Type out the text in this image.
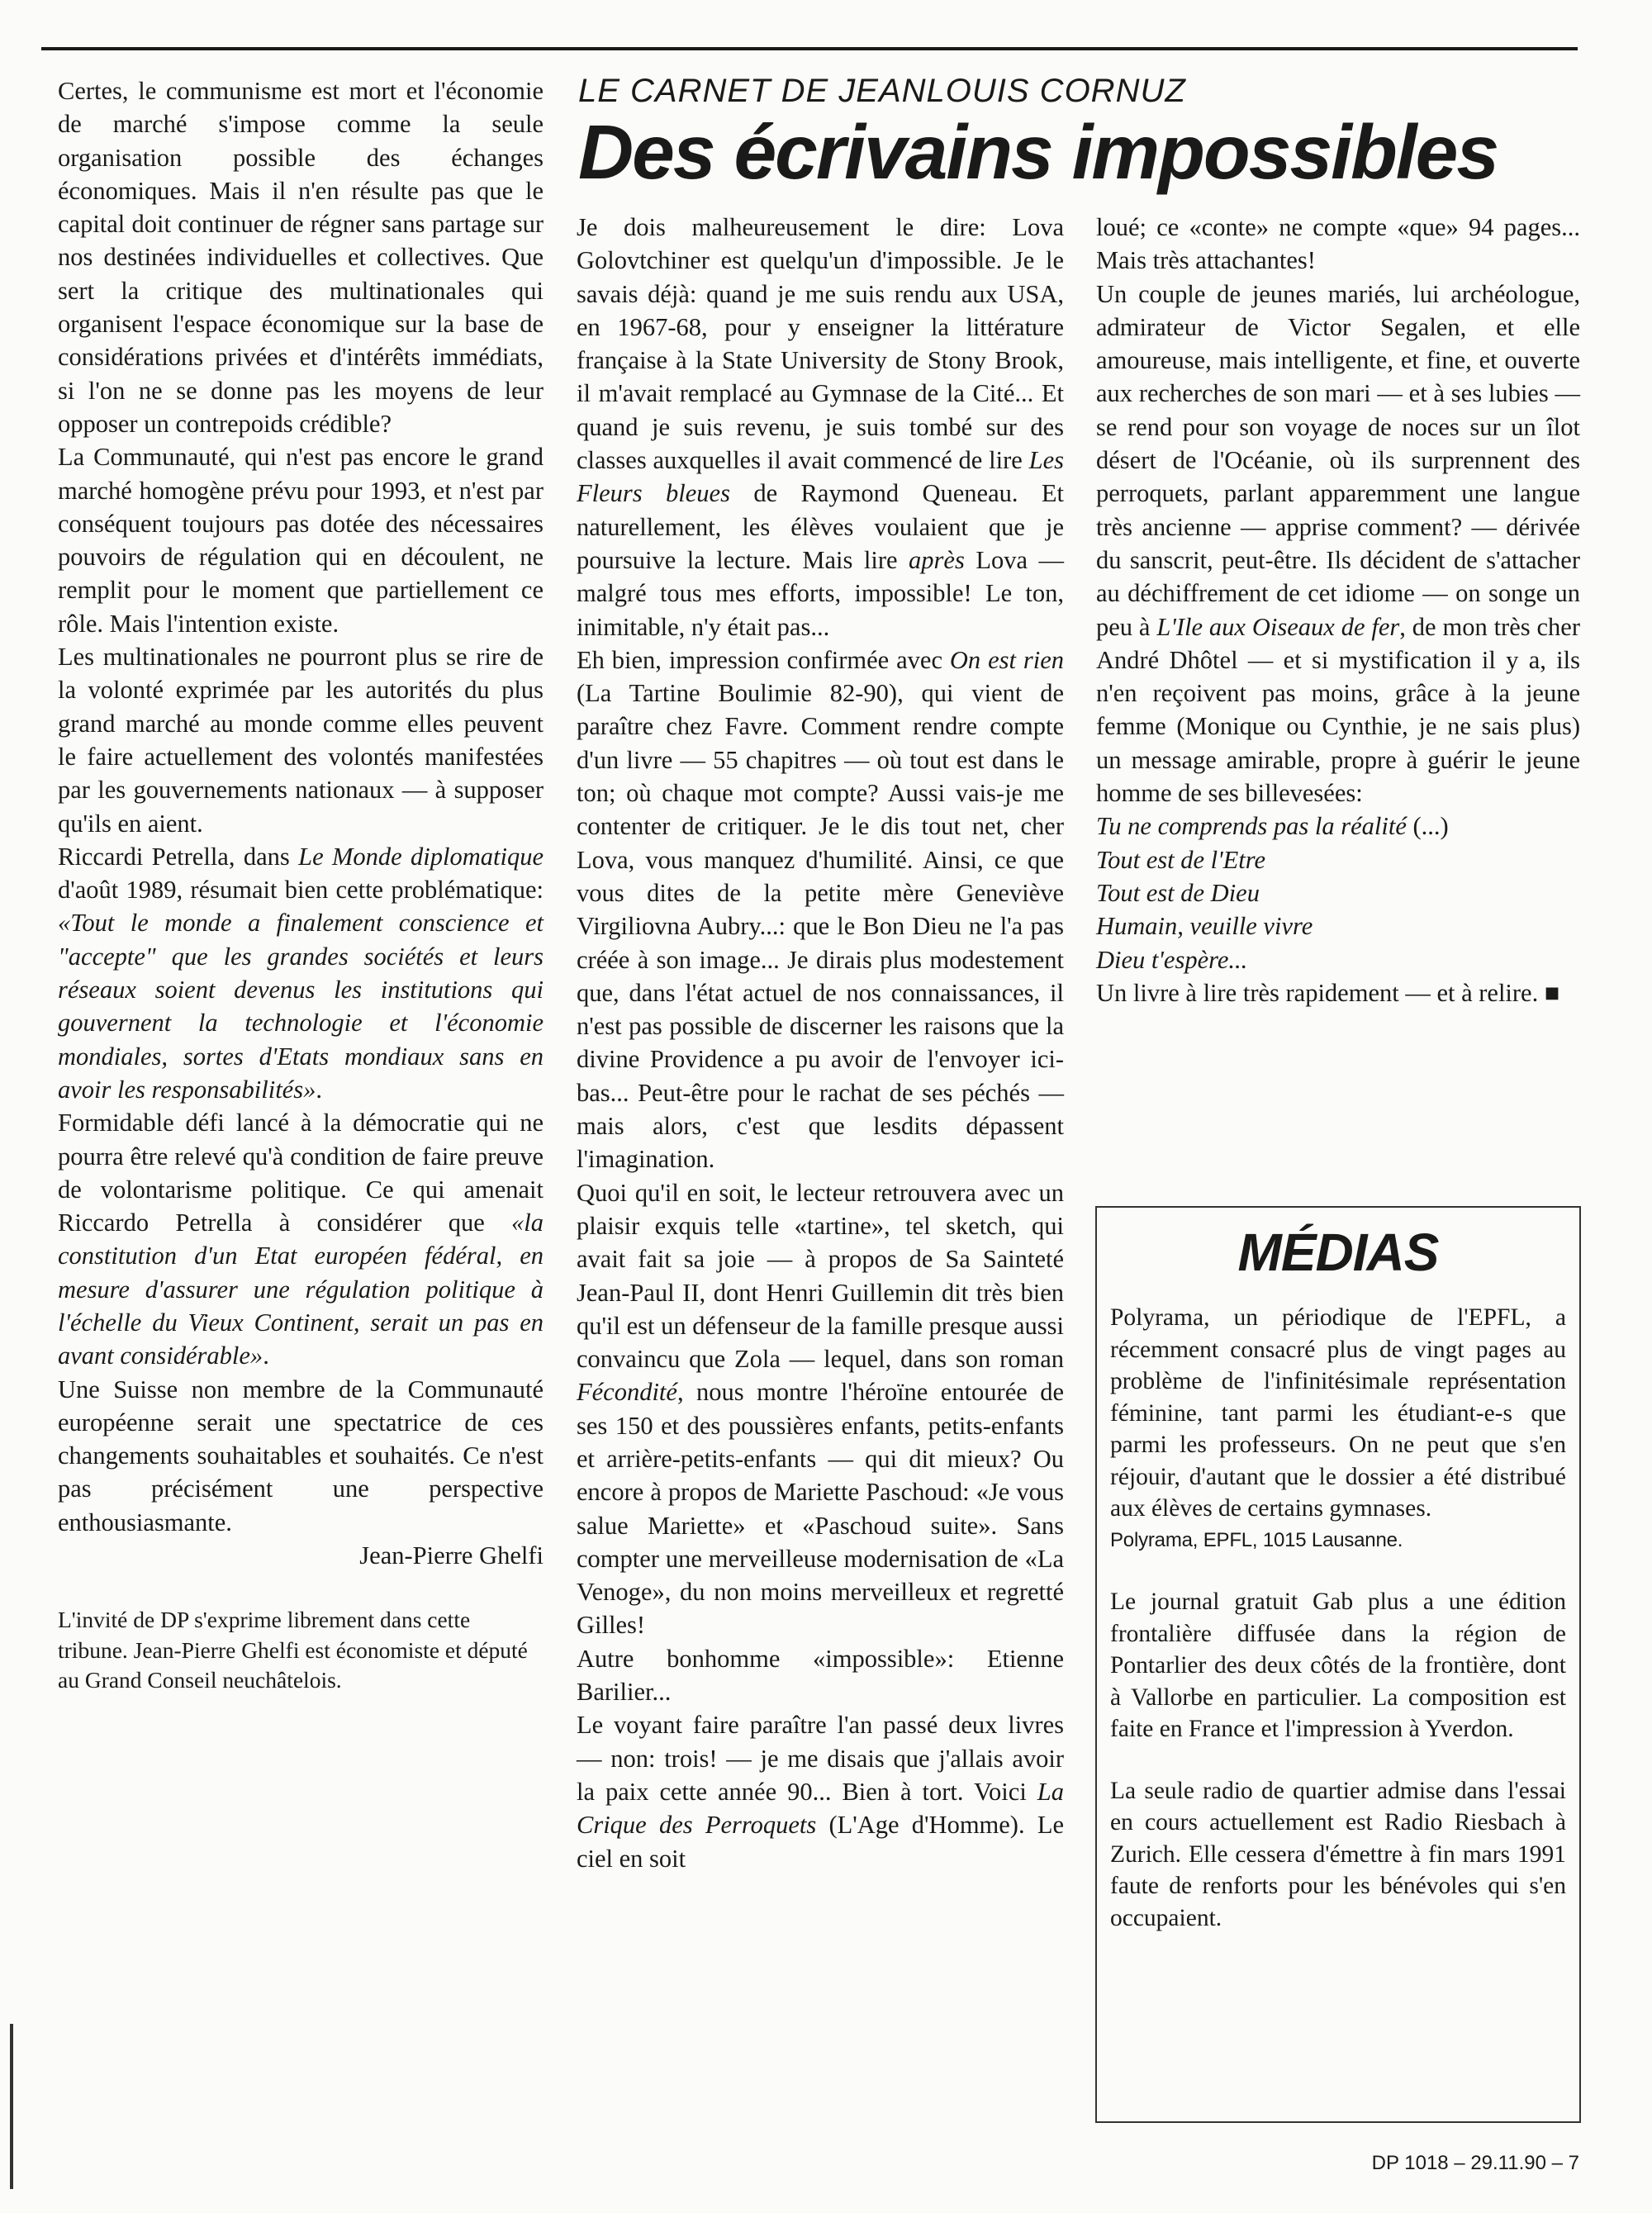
LE CARNET DE JEANLOUIS CORNUZ
Des écrivains impossibles

Certes, le communisme est mort et l'économie de marché s'impose comme la seule organisation possible des échanges économiques. Mais il n'en résulte pas que le capital doit continuer de régner sans partage sur nos destinées individuelles et collectives. Que sert la critique des multinationales qui organisent l'espace économique sur la base de considérations privées et d'intérêts immédiats, si l'on ne se donne pas les moyens de leur opposer un contrepoids crédible?

La Communauté, qui n'est pas encore le grand marché homogène prévu pour 1993, et n'est par conséquent toujours pas dotée des nécessaires pouvoirs de régulation qui en découlent, ne remplit pour le moment que partiellement ce rôle. Mais l'intention existe.

Les multinationales ne pourront plus se rire de la volonté exprimée par les autorités du plus grand marché au monde comme elles peuvent le faire actuellement des volontés manifestées par les gouvernements nationaux — à supposer qu'ils en aient.

Riccardi Petrella, dans Le Monde diplomatique d'août 1989, résumait bien cette problématique: «Tout le monde a finalement conscience et "accepte" que les grandes sociétés et leurs réseaux soient devenus les institutions qui gouvernent la technologie et l'économie mondiales, sortes d'Etats mondiaux sans en avoir les responsabilités».

Formidable défi lancé à la démocratie qui ne pourra être relevé qu'à condition de faire preuve de volontarisme politique. Ce qui amenait Riccardo Petrella à considérer que «la constitution d'un Etat européen fédéral, en mesure d'assurer une régulation politique à l'échelle du Vieux Continent, serait un pas en avant considérable».

Une Suisse non membre de la Communauté européenne serait une spectatrice de ces changements souhaitables et souhaités. Ce n'est pas précisément une perspective enthousiasmante.

Jean-Pierre Ghelfi

L'invité de DP s'exprime librement dans cette tribune. Jean-Pierre Ghelfi est économiste et député au Grand Conseil neuchâtelois.

Je dois malheureusement le dire: Lova Golovtchiner est quelqu'un d'impossible. Je le savais déjà: quand je me suis rendu aux USA, en 1967-68, pour y enseigner la littérature française à la State University de Stony Brook, il m'avait remplacé au Gymnase de la Cité... Et quand je suis revenu, je suis tombé sur des classes auxquelles il avait commencé de lire Les Fleurs bleues de Raymond Queneau. Et naturellement, les élèves voulaient que je poursuive la lecture. Mais lire après Lova — malgré tous mes efforts, impossible! Le ton, inimitable, n'y était pas...

Eh bien, impression confirmée avec On est rien (La Tartine Boulimie 82-90), qui vient de paraître chez Favre. Comment rendre compte d'un livre — 55 chapitres — où tout est dans le ton; où chaque mot compte? Aussi vais-je me contenter de critiquer. Je le dis tout net, cher Lova, vous manquez d'humilité. Ainsi, ce que vous dites de la petite mère Geneviève Virgiliovna Aubry...: que le Bon Dieu ne l'a pas créée à son image... Je dirais plus modestement que, dans l'état actuel de nos connaissances, il n'est pas possible de discerner les raisons que la divine Providence a pu avoir de l'envoyer ici-bas... Peut-être pour le rachat de ses péchés — mais alors, c'est que lesdits dépassent l'imagination.

Quoi qu'il en soit, le lecteur retrouvera avec un plaisir exquis telle «tartine», tel sketch, qui avait fait sa joie — à propos de Sa Sainteté Jean-Paul II, dont Henri Guillemin dit très bien qu'il est un défenseur de la famille presque aussi convaincu que Zola — lequel, dans son roman Fécondité, nous montre l'héroïne entourée de ses 150 et des poussières enfants, petits-enfants et arrière-petits-enfants — qui dit mieux? Ou encore à propos de Mariette Paschoud: «Je vous salue Mariette» et «Paschoud suite». Sans compter une merveilleuse modernisation de «La Venoge», du non moins merveilleux et regretté Gilles!

Autre bonhomme «impossible»: Etienne Barilier...

Le voyant faire paraître l'an passé deux livres — non: trois! — je me disais que j'allais avoir la paix cette année 90... Bien à tort. Voici La Crique des Perroquets (L'Age d'Homme). Le ciel en soit

loué; ce «conte» ne compte «que» 94 pages... Mais très attachantes!

Un couple de jeunes mariés, lui archéologue, admirateur de Victor Segalen, et elle amoureuse, mais intelligente, et fine, et ouverte aux recherches de son mari — et à ses lubies — se rend pour son voyage de noces sur un îlot désert de l'Océanie, où ils surprennent des perroquets, parlant apparemment une langue très ancienne — apprise comment? — dérivée du sanscrit, peut-être. Ils décident de s'attacher au déchiffrement de cet idiome — on songe un peu à L'Ile aux Oiseaux de fer, de mon très cher André Dhôtel — et si mystification il y a, ils n'en reçoivent pas moins, grâce à la jeune femme (Monique ou Cynthie, je ne sais plus) un message amirable, propre à guérir le jeune homme de ses billevesées:

Tu ne comprends pas la réalité (...)

Tout est de l'Etre

Tout est de Dieu

Humain, veuille vivre

Dieu t'espère...

Un livre à lire très rapidement — et à relire. ■

MÉDIAS

Polyrama, un périodique de l'EPFL, a récemment consacré plus de vingt pages au problème de l'infinitésimale représentation féminine, tant parmi les étudiant-e-s que parmi les professeurs. On ne peut que s'en réjouir, d'autant que le dossier a été distribué aux élèves de certains gymnases.
Polyrama, EPFL, 1015 Lausanne.

Le journal gratuit Gab plus a une édition frontalière diffusée dans la région de Pontarlier des deux côtés de la frontière, dont à Vallorbe en particulier. La composition est faite en France et l'impression à Yverdon.

La seule radio de quartier admise dans l'essai en cours actuellement est Radio Riesbach à Zurich. Elle cessera d'émettre à fin mars 1991 faute de renforts pour les bénévoles qui s'en occupaient.

DP 1018 – 29.11.90 – 7
